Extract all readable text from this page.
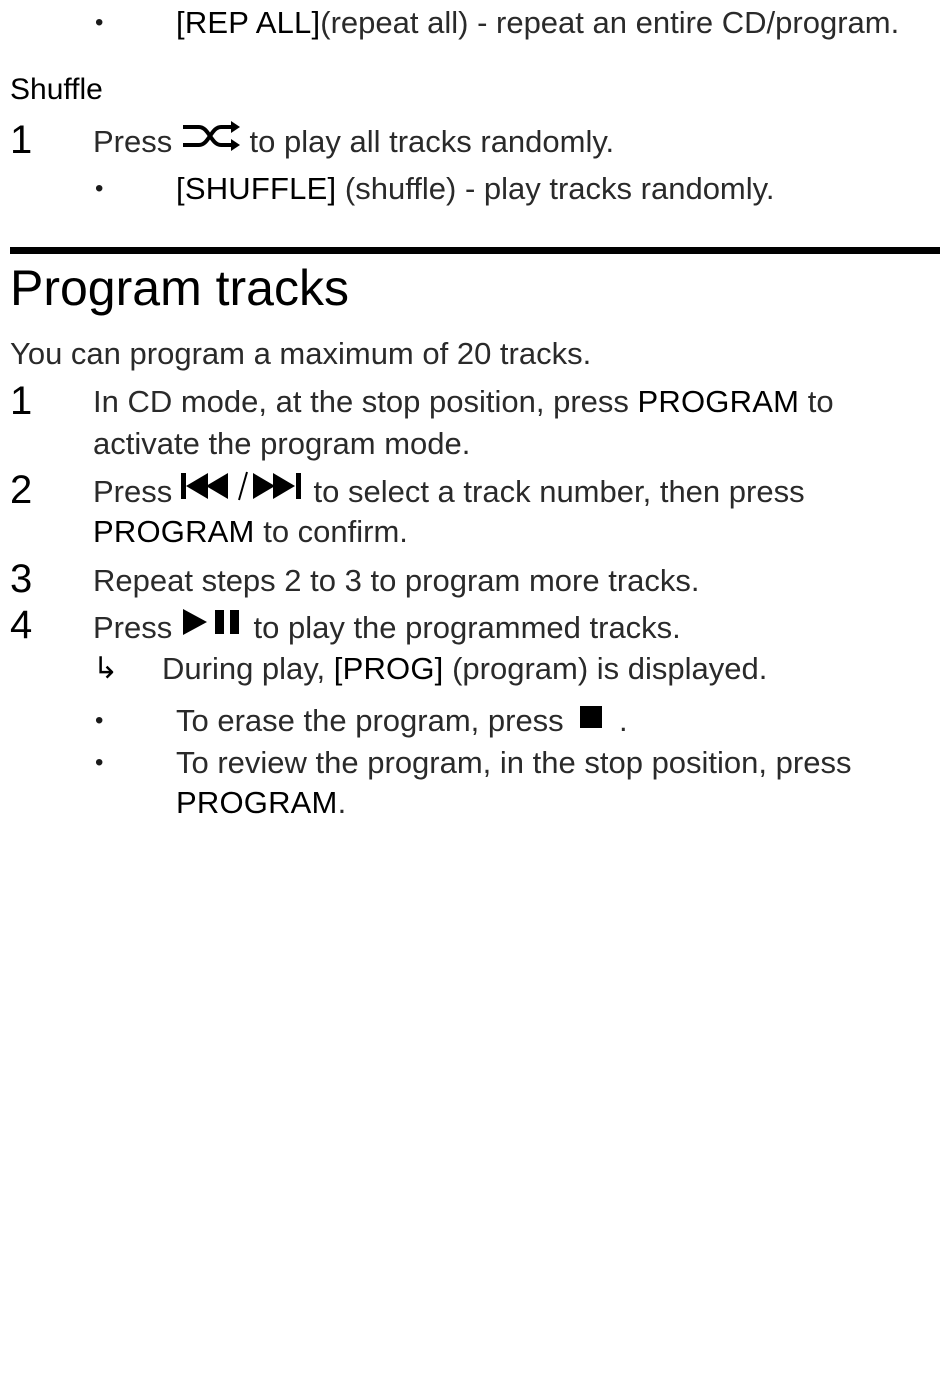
• [REP ALL](repeat all) - repeat an entire CD/program.
Shuffle
1 Press to play all tracks randomly.
• [SHUFFLE] (shuffle) - play tracks randomly.
Program tracks
You can program a maximum of 20 tracks.
1 In CD mode, at the stop position, press PROGRAM to
activate the program mode.
2 Press	to select a track number, then press
PROGRAM to confirm.
3 Repeat steps 2 to 3 to program more tracks.
4 Press	to play the programmed tracks.
↳ During play, [PROG] (program) is displayed.
• To erase the program, press .
• To review the program, in the stop position, press
PROGRAM.
